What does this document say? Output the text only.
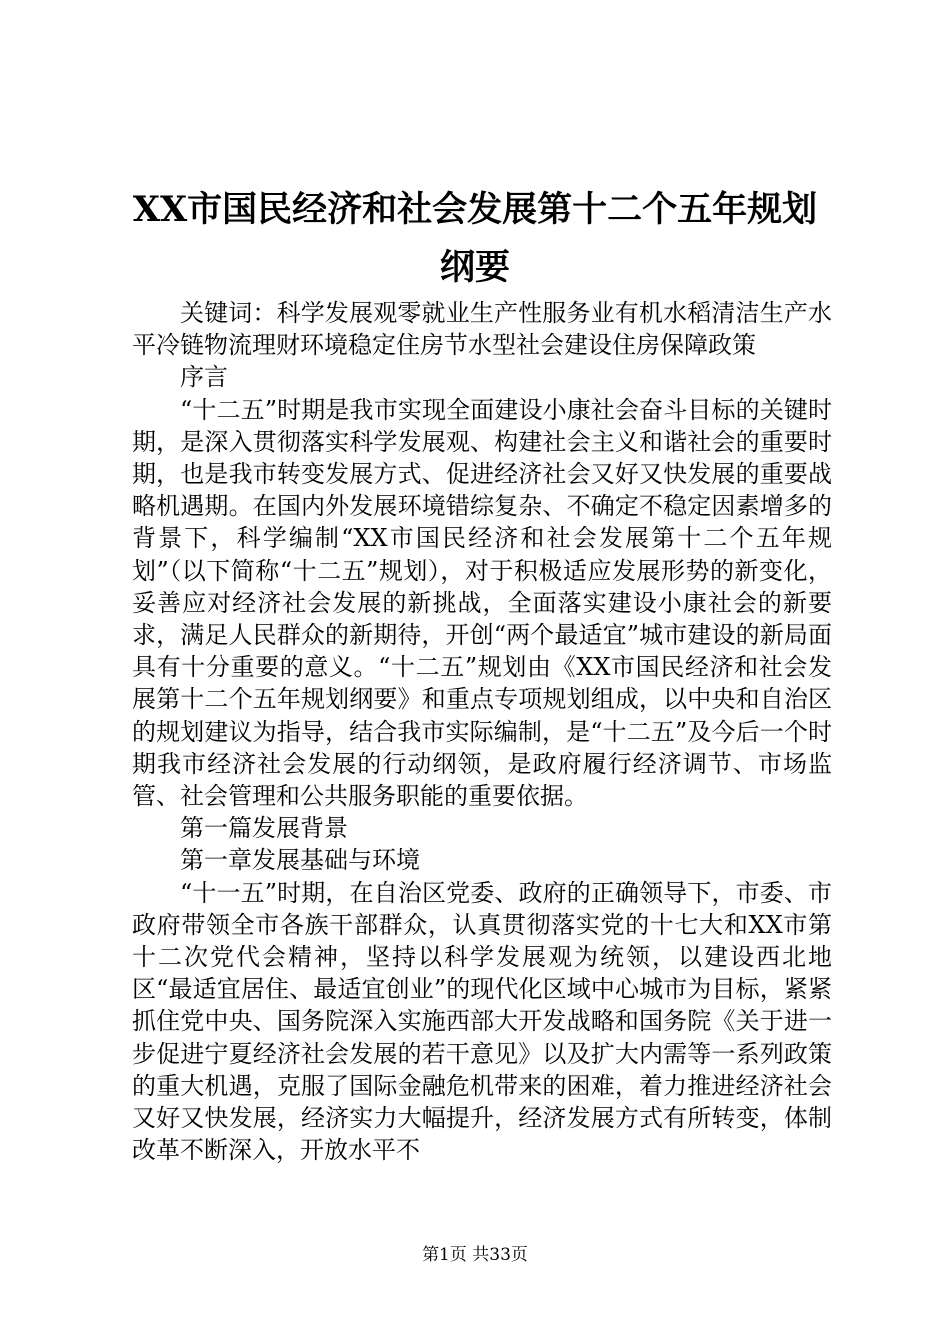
XX市国民经济和社会发展第十二个五年规划
纲要

关键词：科学发展观零就业生产性服务业有机水稻清洁生产水平冷链物流理财环境稳定住房节水型社会建设住房保障政策

序言

“十二五”时期是我市实现全面建设小康社会奋斗目标的关键时期，是深入贯彻落实科学发展观、构建社会主义和谐社会的重要时期，也是我市转变发展方式、促进经济社会又好又快发展的重要战略机遇期。在国内外发展环境错综复杂、不确定不稳定因素增多的背景下，科学编制“XX市国民经济和社会发展第十二个五年规划”（以下简称“十二五”规划），对于积极适应发展形势的新变化，妥善应对经济社会发展的新挑战，全面落实建设小康社会的新要求，满足人民群众的新期待，开创“两个最适宜”城市建设的新局面具有十分重要的意义。“十二五”规划由《XX市国民经济和社会发展第十二个五年规划纲要》和重点专项规划组成，以中央和自治区的规划建议为指导，结合我市实际编制，是“十二五”及今后一个时期我市经济社会发展的行动纲领，是政府履行经济调节、市场监管、社会管理和公共服务职能的重要依据。

第一篇发展背景

第一章发展基础与环境

“十一五”时期，在自治区党委、政府的正确领导下，市委、市政府带领全市各族干部群众，认真贯彻落实党的十七大和XX市第十二次党代会精神，坚持以科学发展观为统领，以建设西北地区“最适宜居住、最适宜创业”的现代化区域中心城市为目标，紧紧抓住党中央、国务院深入实施西部大开发战略和国务院《关于进一步促进宁夏经济社会发展的若干意见》以及扩大内需等一系列政策的重大机遇，克服了国际金融危机带来的困难，着力推进经济社会又好又快发展，经济实力大幅提升，经济发展方式有所转变，体制改革不断深入，开放水平不

第1页 共33页
